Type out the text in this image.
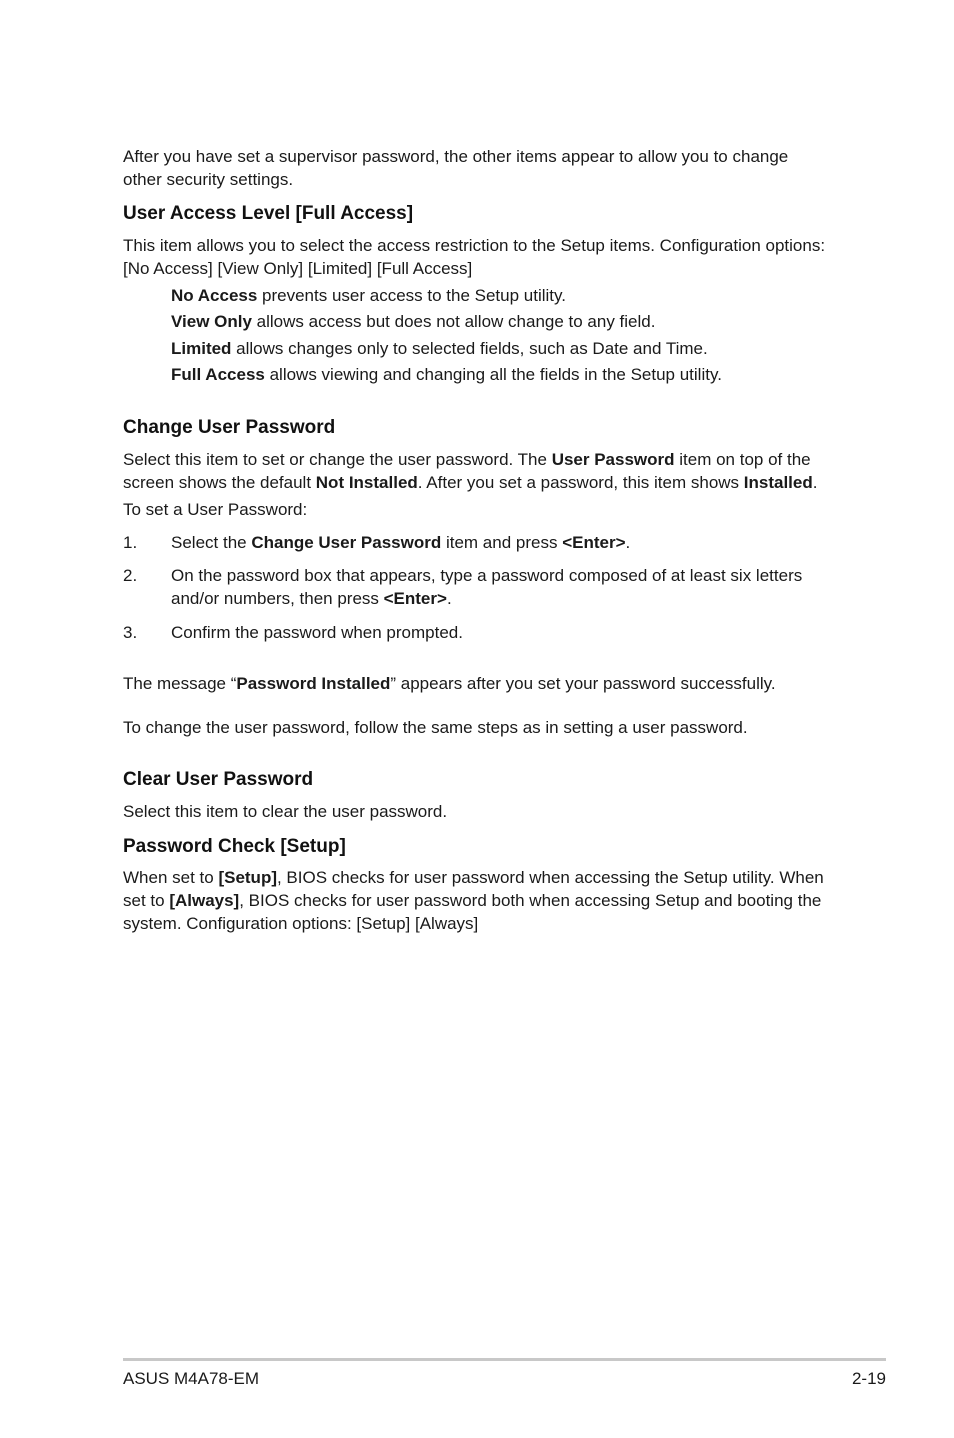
After you have set a supervisor password, the other items appear to allow you to change

other security settings.

User Access Level [Full Access]

This item allows you to select the access restriction to the Setup items. Configuration options:

[No Access] [View Only] [Limited] [Full Access]

No Access prevents user access to the Setup utility.

View Only allows access but does not allow change to any field.

Limited allows changes only to selected fields, such as Date and Time.

Full Access allows viewing and changing all the fields in the Setup utility.

Change User Password

Select this item to set or change the user password. The User Password item on top of the

screen shows the default Not Installed. After you set a password, this item shows Installed.

To set a User Password:

1.	Select the Change User Password item and press <Enter>.

2.	On the password box that appears, type a password composed of at least six letters

and/or numbers, then press <Enter>.

3.	Confirm the password when prompted.

The message “Password Installed” appears after you set your password successfully.

To change the user password, follow the same steps as in setting a user password.

Clear User Password

Select this item to clear the user password.

Password Check [Setup]

When set to [Setup], BIOS checks for user password when accessing the Setup utility. When

set to [Always], BIOS checks for user password both when accessing Setup and booting the

system. Configuration options: [Setup] [Always]

ASUS M4A78-EM	2-19
